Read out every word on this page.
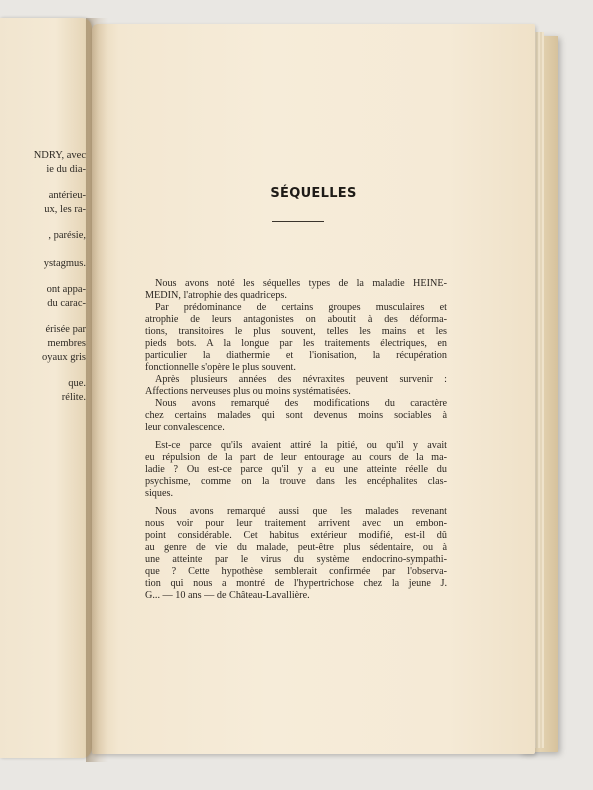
NDRY, avec
ie du dia-
antérieu-
ux, les ra-
, parésie,
ystagmus.
ont appa-
du carac-
érisée par
membres
oyaux gris
que.
rélite.
SÉQUELLES
Nous avons noté les séquelles types de la maladie HEINE-
MEDIN, l'atrophie des quadriceps.
Par prédominance de certains groupes musculaires et
atrophie de leurs antagonistes on aboutit à des déforma-
tions, transitoires le plus souvent, telles les mains et les
pieds bots. A la longue par les traitements électriques, en
particulier la diathermie et l'ionisation, la récupération
fonctionnelle s'opère le plus souvent.
Après plusieurs années des névraxites peuvent survenir :
Affections nerveuses plus ou moins systématisées.
Nous avons remarqué des modifications du caractère
chez certains malades qui sont devenus moins sociables à
leur convalescence.
Est-ce parce qu'ils avaient attiré la pitié, ou qu'il y avait
eu répulsion de la part de leur entourage au cours de la ma-
ladie ? Ou est-ce parce qu'il y a eu une atteinte réelle du
psychisme, comme on la trouve dans les encéphalites clas-
siques.
Nous avons remarqué aussi que les malades revenant
nous voir pour leur traitement arrivent avec un embon-
point considérable. Cet habitus extérieur modifié, est-il dû
au genre de vie du malade, peut-être plus sédentaire, ou à
une atteinte par le virus du système endocrino-sympathi-
que ? Cette hypothèse semblerait confirmée par l'observa-
tion qui nous a montré de l'hypertrichose chez la jeune J.
G... — 10 ans — de Château-Lavallière.
